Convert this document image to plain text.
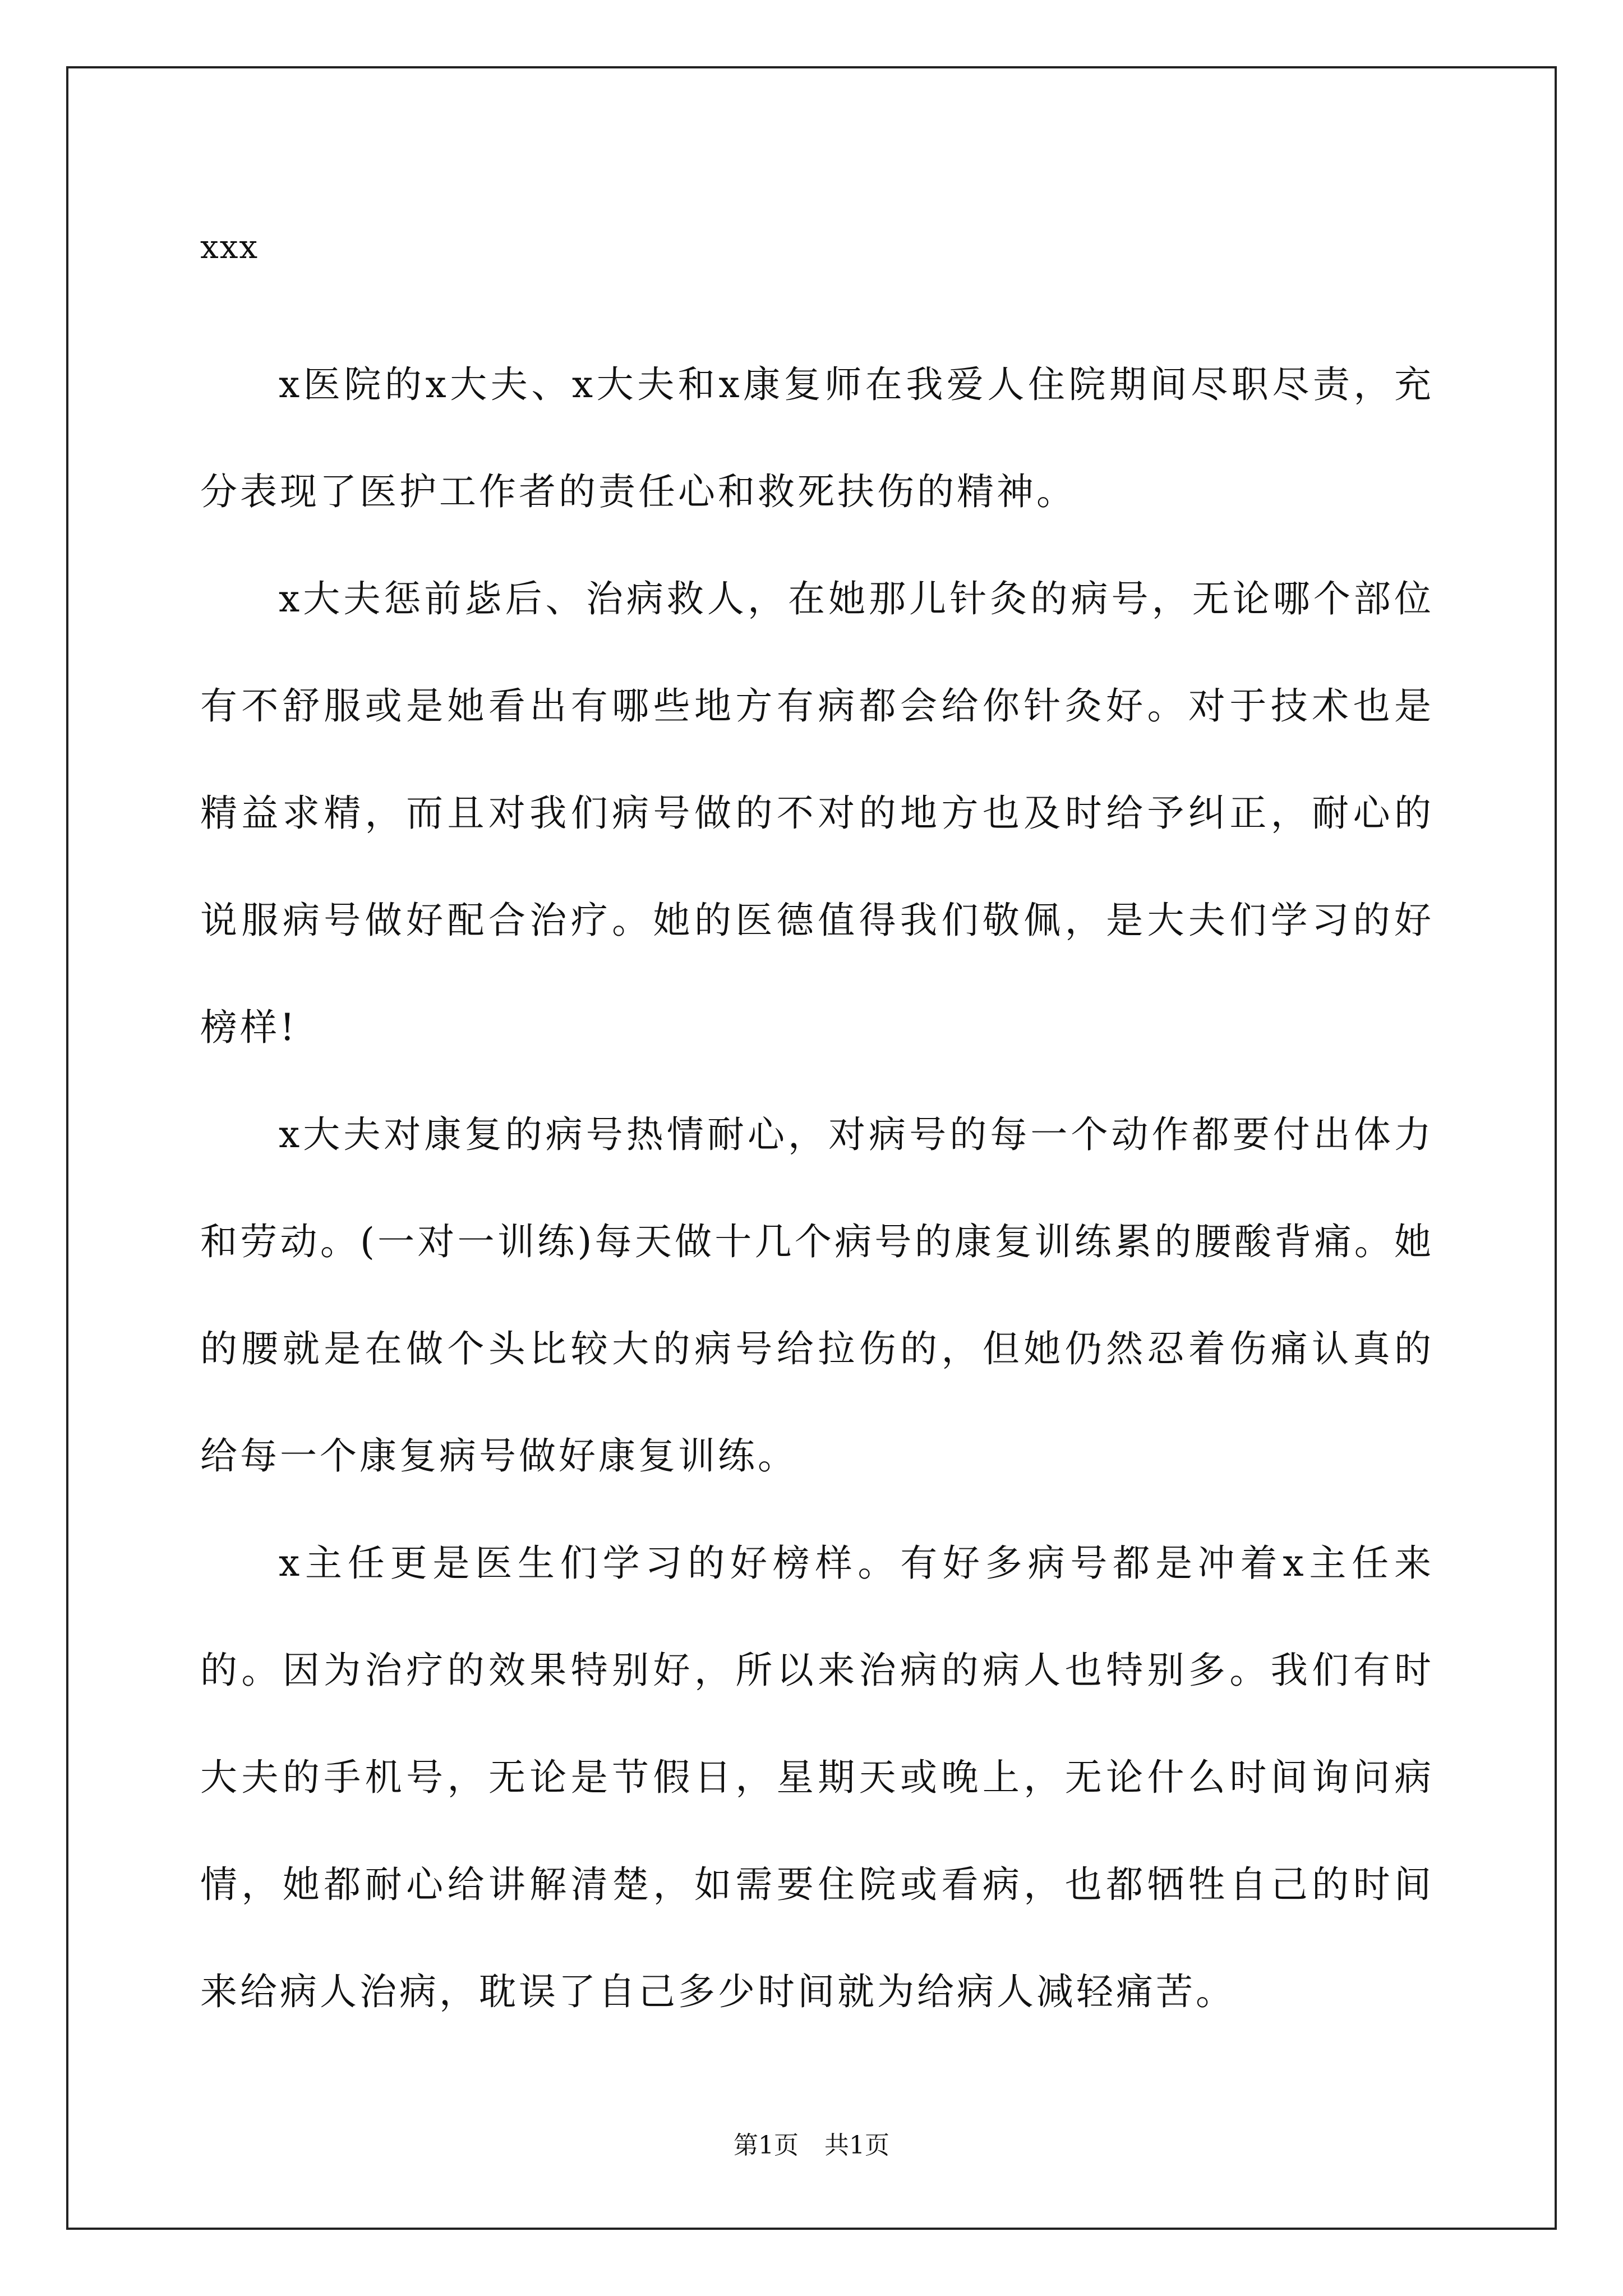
xxx

x医院的x大夫、x大夫和x康复师在我爱人住院期间尽职尽责，充分表现了医护工作者的责任心和救死扶伤的精神。

x大夫惩前毖后、治病救人，在她那儿针灸的病号，无论哪个部位有不舒服或是她看出有哪些地方有病都会给你针灸好。对于技术也是精益求精，而且对我们病号做的不对的地方也及时给予纠正，耐心的说服病号做好配合治疗。她的医德值得我们敬佩，是大夫们学习的好榜样!

x大夫对康复的病号热情耐心，对病号的每一个动作都要付出体力和劳动。(一对一训练)每天做十几个病号的康复训练累的腰酸背痛。她的腰就是在做个头比较大的病号给拉伤的，但她仍然忍着伤痛认真的给每一个康复病号做好康复训练。

x主任更是医生们学习的好榜样。有好多病号都是冲着x主任来的。因为治疗的效果特别好，所以来治病的病人也特别多。我们有时大夫的手机号，无论是节假日，星期天或晚上，无论什么时间询问病情，她都耐心给讲解清楚，如需要住院或看病，也都牺牲自己的时间来给病人治病，耽误了自己多少时间就为给病人减轻痛苦。

第1页 共1页
